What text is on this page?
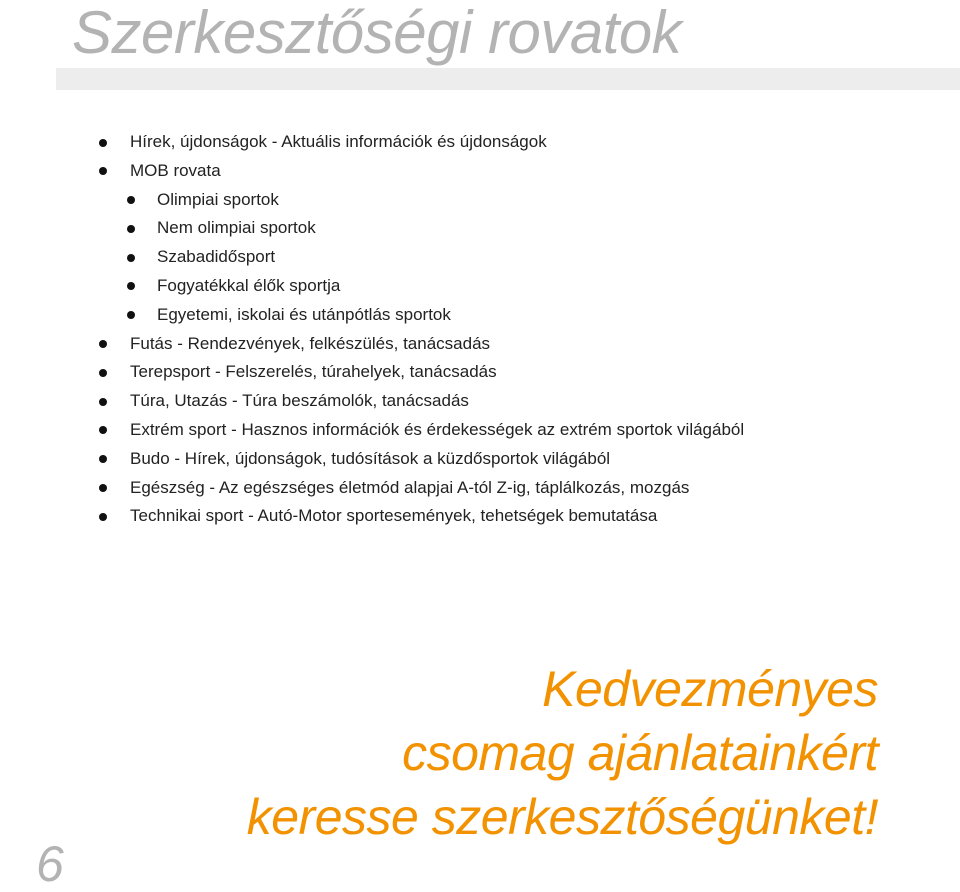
Szerkesztőségi rovatok
Hírek, újdonságok - Aktuális információk és újdonságok
MOB rovata
Olimpiai sportok
Nem olimpiai sportok
Szabadidősport
Fogyatékkal élők sportja
Egyetemi, iskolai és utánpótlás sportok
Futás - Rendezvények, felkészülés, tanácsadás
Terepsport - Felszerelés, túrahelyek, tanácsadás
Túra, Utazás - Túra beszámolók, tanácsadás
Extrém sport - Hasznos információk és érdekességek az extrém sportok világából
Budo - Hírek, újdonságok, tudósítások a küzdősportok világából
Egészség - Az egészséges életmód alapjai A-tól Z-ig, táplálkozás, mozgás
Technikai sport - Autó-Motor sportesemények, tehetségek bemutatása
Kedvezményes
csomag ajánlatainkért
keresse szerkesztőségünket!
6
